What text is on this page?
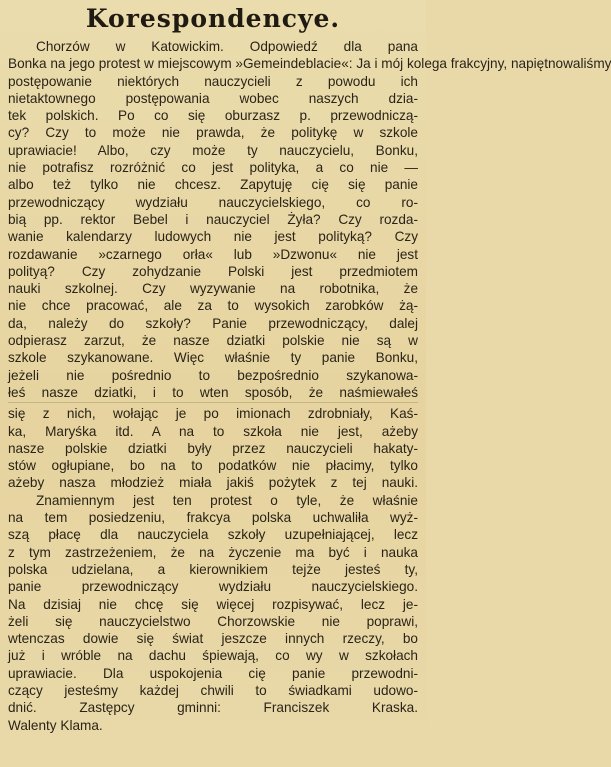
Korespondencye.
Chorzów w Katowickim. Odpowiedź dla pana
Bonka na jego protest w miejscowym »Gemeindeblacie«: Ja i mój kolega frakcyjny, napiętnowaliśmy
postępowanie niektórych nauczycieli z powodu ich
nietaktownego postępowania wobec naszych dzia-
tek polskich. Po co się oburzasz p. przewodniczą-
cy? Czy to może nie prawda, że politykę w szkole
uprawiacie! Albo, czy może ty nauczycielu, Bonku,
nie potrafisz rozróżnić co jest polityka, a co nie —
albo też tylko nie chcesz. Zapytuję cię się panie
przewodniczący wydziału nauczycielskiego, co ro-
bią pp. rektor Bebel i nauczyciel Żyła? Czy rozda-
wanie kalendarzy ludowych nie jest polityką? Czy
rozdawanie »czarnego orła« lub »Dzwonu« nie jest
polityą? Czy zohydzanie Polski jest przedmiotem
nauki szkolnej. Czy wyzywanie na robotnika, że
nie chce pracować, ale za to wysokich zarobków żą-
da, należy do szkoły? Panie przewodniczący, dalej
odpierasz zarzut, że nasze dziatki polskie nie są w
szkole szykanowane. Więc właśnie ty panie Bonku,
jeżeli nie pośrednio to bezpośrednio szykanowa-
łeś nasze dziatki, i to wten sposób, że naśmiewałeś
się z nich, wołając je po imionach zdrobniały, Kaś-
ka, Maryśka itd. A na to szkoła nie jest, ażeby
nasze polskie dziatki były przez nauczycieli hakaty-
stów ogłupiane, bo na to podatków nie płacimy, tylko
ażeby nasza młodzież miała jakiś pożytek z tej nauki.
Znamiennym jest ten protest o tyle, że właśnie
na tem posiedzeniu, frakcya polska uchwaliła wyż-
szą płacę dla nauczyciela szkoły uzupełniającej, lecz
z tym zastrzeżeniem, że na życzenie ma być i nauka
polska udzielana, a kierownikiem tejże jesteś ty,
panie przewodniczący wydziału nauczycielskiego.
Na dzisiaj nie chcę się więcej rozpisywać, lecz je-
żeli się nauczycielstwo Chorzowskie nie poprawi,
wtenczas dowie się świat jeszcze innych rzeczy, bo
już i wróble na dachu śpiewają, co wy w szkołach
uprawiacie. Dla uspokojenia cię panie przewodni-
czący jesteśmy każdej chwili to świadkami udowo-
dnić. Zastępcy gminni: Franciszek Kraska.
Walenty Klama.
